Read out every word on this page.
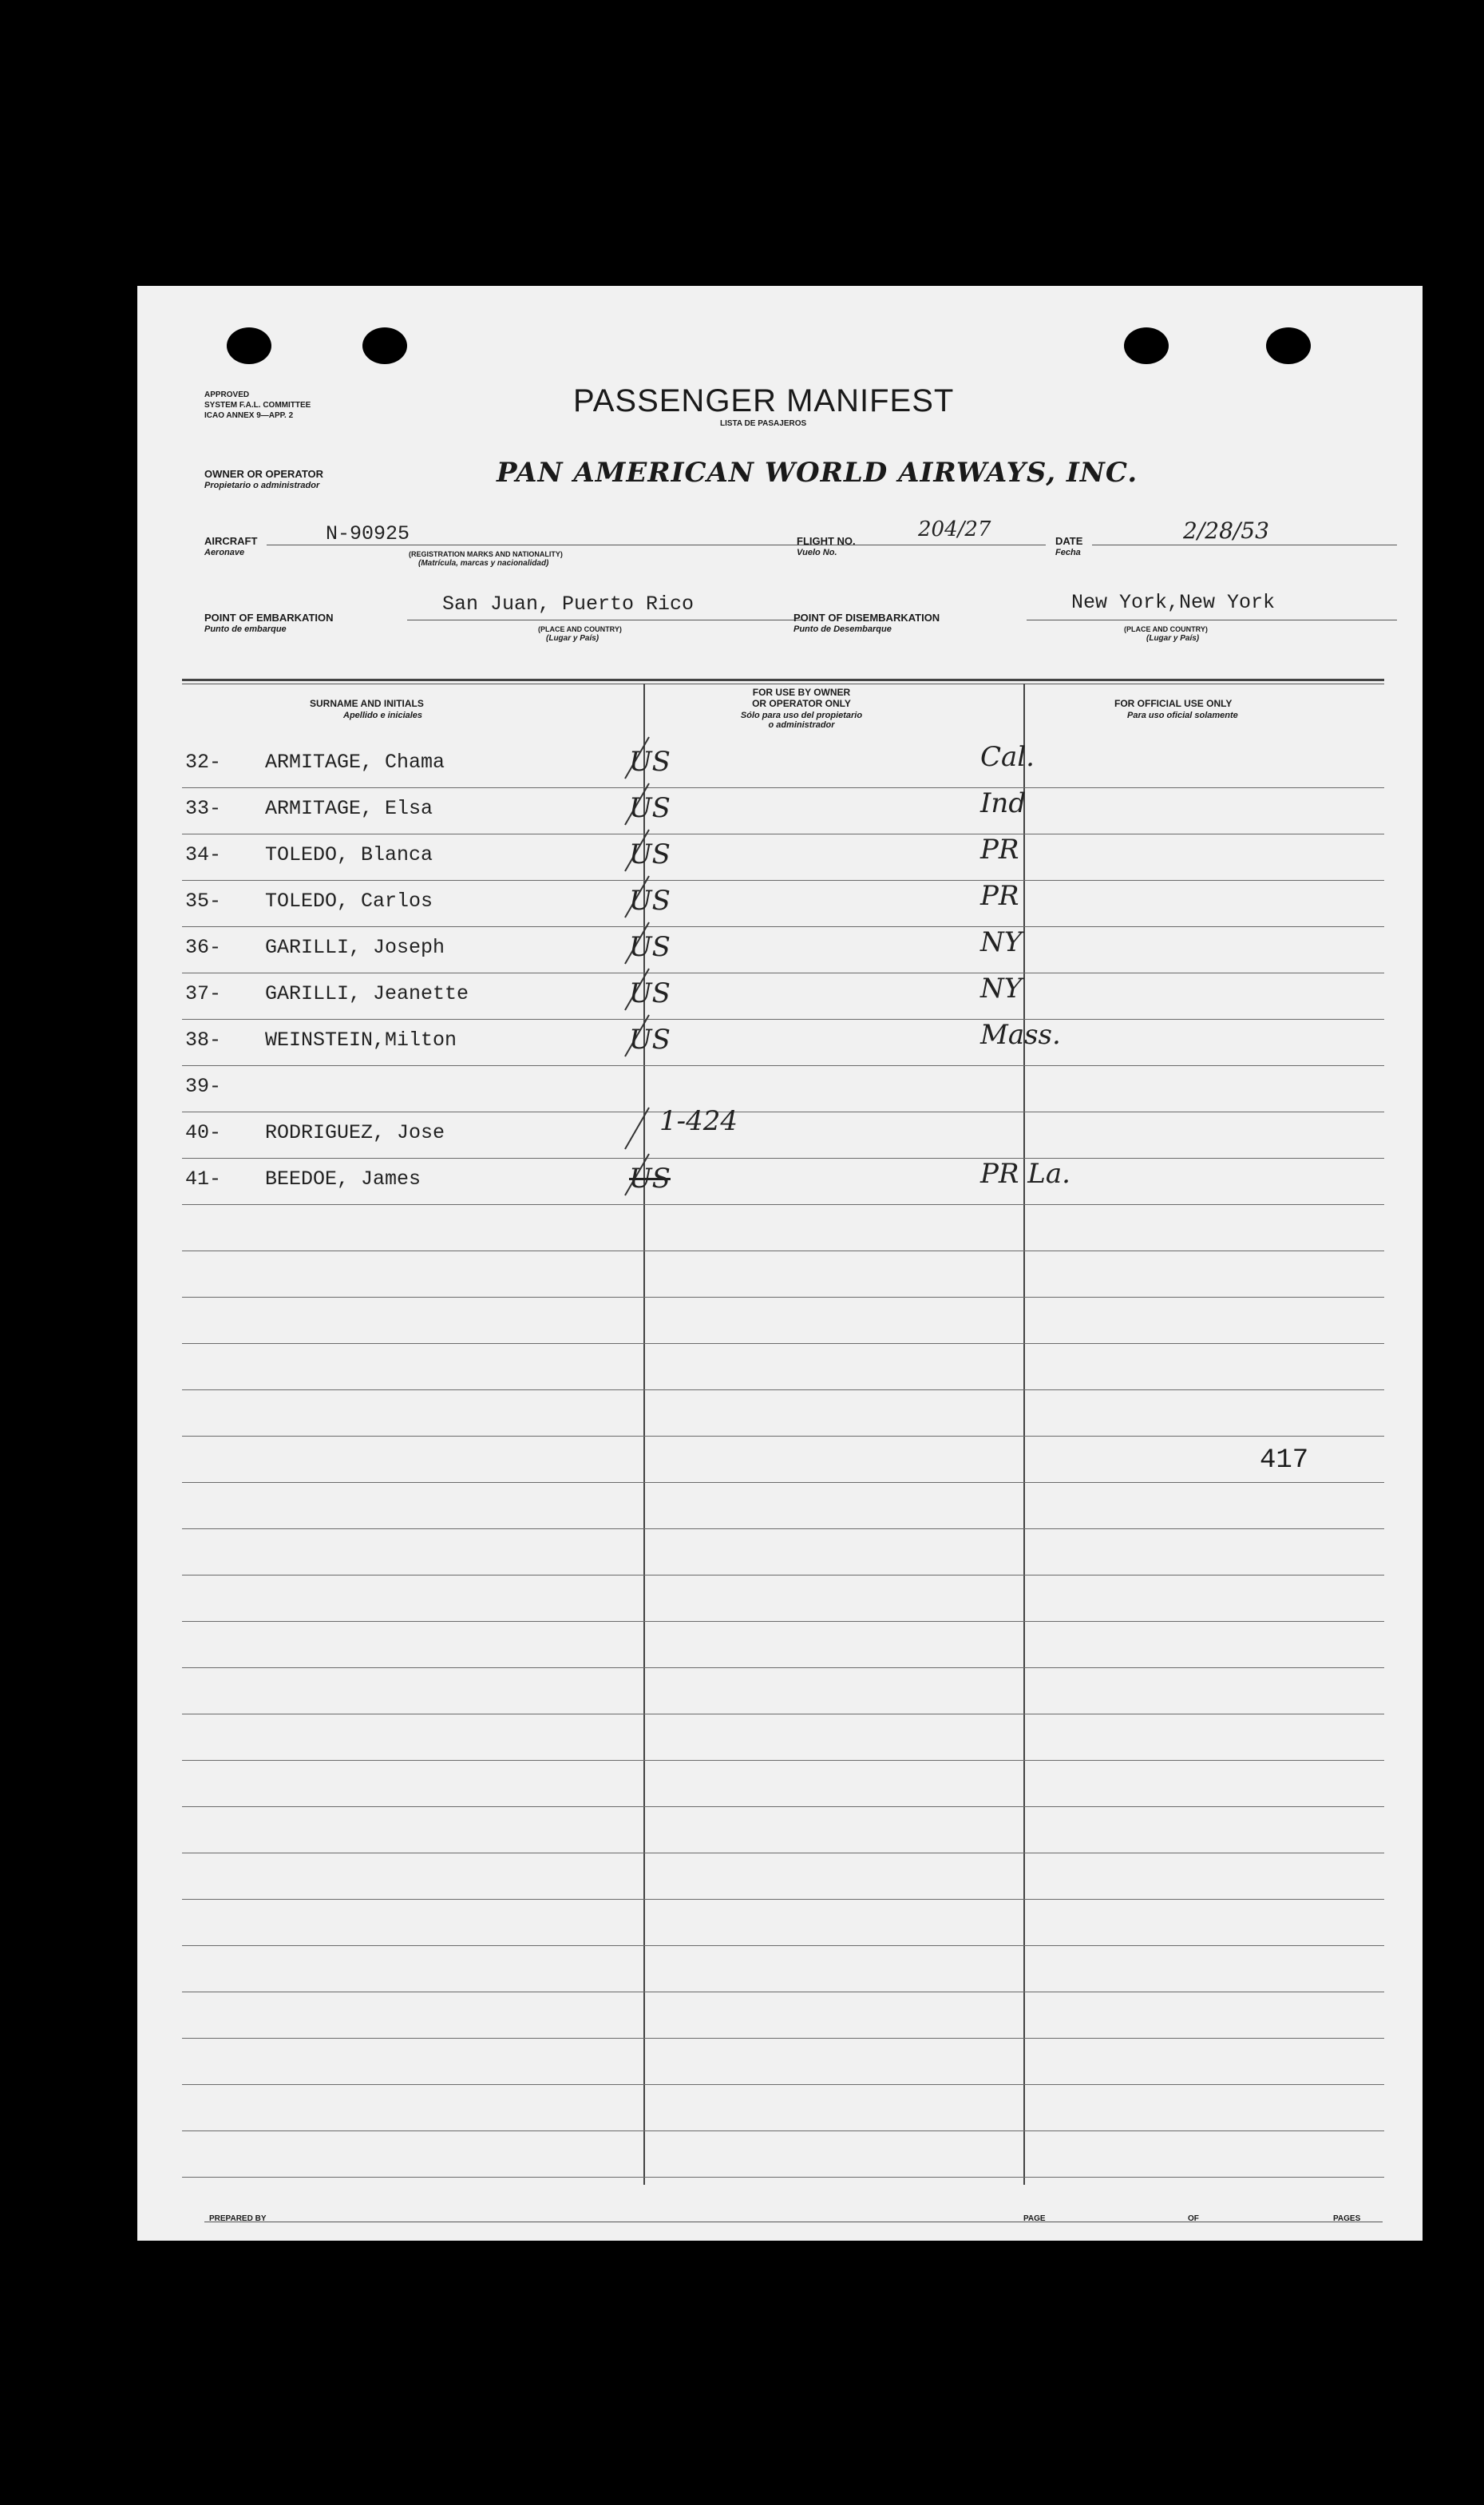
APPROVED
SYSTEM F.A.L. COMMITTEE
ICAO ANNEX 9—APP. 2	PASSENGER MANIFEST
LISTA DE PASAJEROS
OWNER OR OPERATOR
Propietario o administrador	PAN AMERICAN WORLD AIRWAYS, INC.
AIRCRAFT
Aeronave
N-90925
(REGISTRATION MARKS AND NATIONALITY)
(Matrícula, marcas y nacionalidad)
FLIGHT NO.
Vuelo No.
204/27	DATE
Fecha
2/28/53
San Juan, Puerto Rico
POINT OF EMBARKATION
Punto de embarque	(PLACE AND COUNTRY)
(Lugar y País)
POINT OF DISEMBARKATION
Punto de Desembarque
New York,New York
(PLACE AND COUNTRY)
(Lugar y País)
SURNAME AND INITIALS
Apellido e iniciales
FOR USE BY OWNER
OR OPERATOR ONLY
Sólo para uso del propietario
o administrador
FOR OFFICIAL USE ONLY
Para uso oficial solamente
417
PREPARED BY	PAGE	OF	PAGES
32- ARMITAGE, Chama	US	Cal.
33- ARMITAGE, Elsa	US	Ind
34- TOLEDO, Blanca	US	PR
35- TOLEDO, Carlos	US	PR
36- GARILLI, Joseph	US	NY
37- GARILLI, Jeanette	US	NY
38- WEINSTEIN,Milton	US	Mass.
39-
40- RODRIGUEZ, Jose	1-424
41- BEEDOE, James	US	PR La.
